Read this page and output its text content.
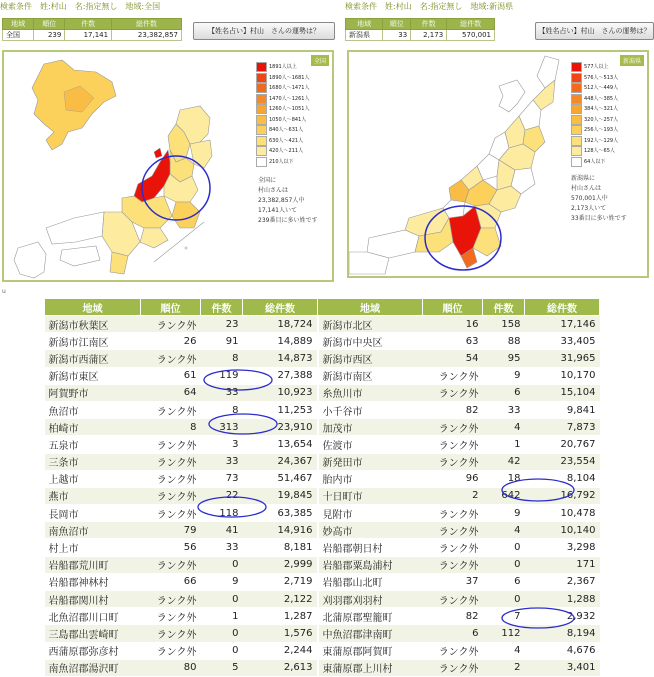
検索条件　姓:村山　名:指定無し　地域:全国
地域	順位	件数	総件数
全国	239	17,141	23,382,857	【姓名占い】村山　さんの運勢は？
全国
1891人以上
1890人～1681人
1680人～1471人
1470人～1261人
1260人～1051人
1050人～841人
840人～631人
630人～421人
420人～211人
210人以下
全国に
村山さんは
23,382,857人中
17,141人いて
239番目に多い姓です
検索条件　姓:村山　名:指定無し　地域:新潟県
地域	順位	件数	総件数
新潟県	33	2,173	570,001	【姓名占い】村山　さんの運勢は？
新潟県
577人以上
576人～513人
512人～449人
448人～385人
384人～321人
320人～257人
256人～193人
192人～129人
128人～65人
64人以下
新潟県に
村山さんは
570,001人中
2,173人いて
33番目に多い姓です
u
地域	順位	件数	総件数	地域	順位	件数	総件数
新潟市秋葉区	ランク外	23	18,724	新潟市北区	16	158	17,146
新潟市江南区	26	91	14,889	新潟市中央区	63	88	33,405
新潟市西蒲区	ランク外	8	14,873	新潟市西区	54	95	31,965
新潟市東区	61	119	27,388	新潟市南区	ランク外	9	10,170
阿賀野市	64	33	10,923	糸魚川市	ランク外	6	15,104
魚沼市	ランク外	8	11,253	小千谷市	82	33	9,841
柏崎市	8	313	23,910	加茂市	ランク外	4	7,873
五泉市	ランク外	3	13,654	佐渡市	ランク外	1	20,767
三条市	ランク外	33	24,367	新発田市	ランク外	42	23,554
上越市	ランク外	73	51,467	胎内市	96	18	8,104
燕市	ランク外	22	19,845	十日町市	2	642	16,792
長岡市	ランク外	118	63,385	見附市	ランク外	9	10,478
南魚沼市	79	41	14,916	妙高市	ランク外	4	10,140
村上市	56	33	8,181	岩船郡朝日村	ランク外	0	3,298
岩船郡荒川町	ランク外	0	2,999	岩船郡粟島浦村	ランク外	0	171
岩船郡神林村	66	9	2,719	岩船郡山北町	37	6	2,367
岩船郡関川村	ランク外	0	2,122	刈羽郡刈羽村	ランク外	0	1,288
北魚沼郡川口町	ランク外	1	1,287	北蒲原郡聖籠町	82	7	2,932
三島郡出雲崎町	ランク外	0	1,576	中魚沼郡津南町	6	112	8,194
西蒲原郡弥彦村	ランク外	0	2,244	東蒲原郡阿賀町	ランク外	4	4,676
南魚沼郡湯沢町	80	5	2,613	東蒲原郡上川村	ランク外	2	3,401
